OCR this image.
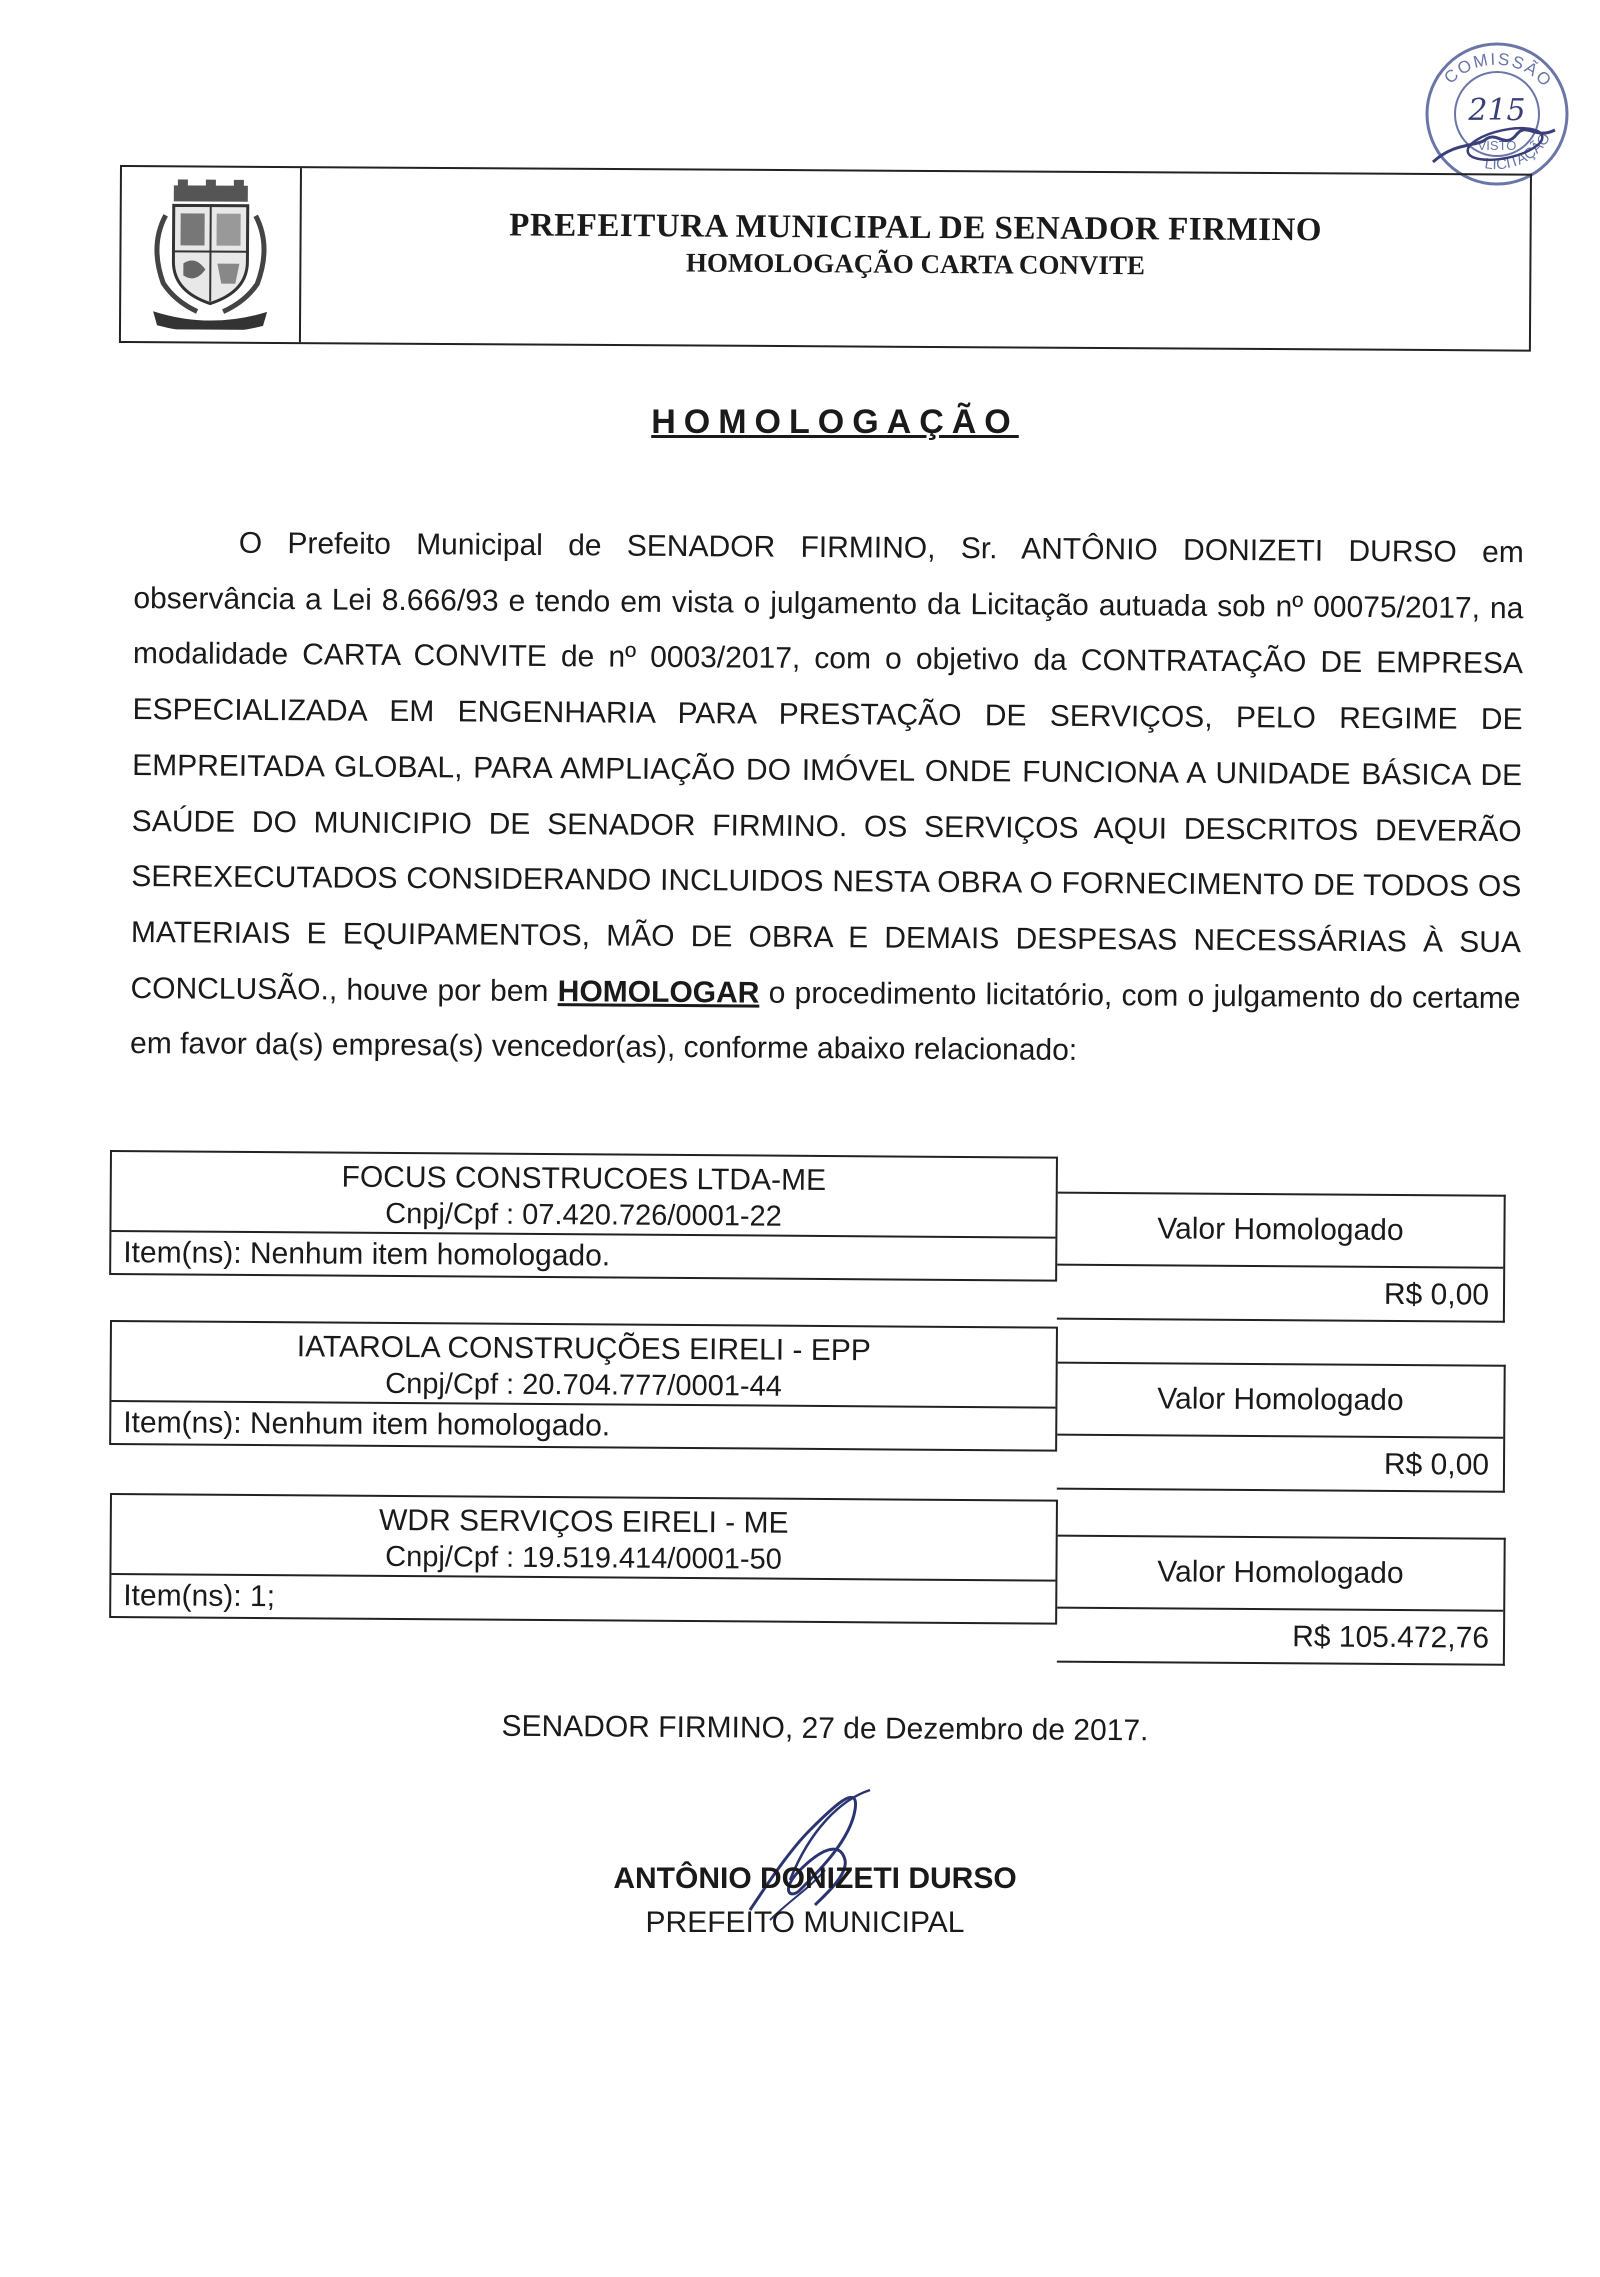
COMISSÃO
215
VISTO
LICITAÇÃO
PREFEITURA MUNICIPAL DE SENADOR FIRMINO
HOMOLOGAÇÃO CARTA CONVITE
HOMOLOGAÇÃO
O Prefeito Municipal de SENADOR FIRMINO, Sr. ANTÔNIO DONIZETI DURSO em observância a Lei 8.666/93 e tendo em vista o julgamento da Licitação autuada sob nº 00075/2017, na modalidade CARTA CONVITE de nº 0003/2017, com o objetivo da CONTRATAÇÃO DE EMPRESA ESPECIALIZADA EM ENGENHARIA PARA PRESTAÇÃO DE SERVIÇOS, PELO REGIME DE EMPREITADA GLOBAL, PARA AMPLIAÇÃO DO IMÓVEL ONDE FUNCIONA A UNIDADE BÁSICA DE SAÚDE DO MUNICIPIO DE SENADOR FIRMINO. OS SERVIÇOS AQUI DESCRITOS DEVERÃO SEREXECUTADOS CONSIDERANDO INCLUIDOS NESTA OBRA O FORNECIMENTO DE TODOS OS MATERIAIS E EQUIPAMENTOS, MÃO DE OBRA E DEMAIS DESPESAS NECESSÁRIAS À SUA CONCLUSÃO., houve por bem HOMOLOGAR o procedimento licitatório, com o julgamento do certame em favor da(s) empresa(s) vencedor(as), conforme abaixo relacionado:
FOCUS CONSTRUCOES LTDA-ME
Cnpj/Cpf : 07.420.726/0001-22
Item(ns): Nenhum item homologado.
Valor Homologado
R$ 0,00
IATAROLA CONSTRUÇÕES EIRELI - EPP
Cnpj/Cpf : 20.704.777/0001-44
Item(ns): Nenhum item homologado.
Valor Homologado
R$ 0,00
WDR SERVIÇOS EIRELI - ME
Cnpj/Cpf : 19.519.414/0001-50
Item(ns): 1;
Valor Homologado
R$ 105.472,76
SENADOR FIRMINO, 27 de Dezembro de 2017.
ANTÔNIO DONIZETI DURSO
PREFEITO MUNICIPAL
